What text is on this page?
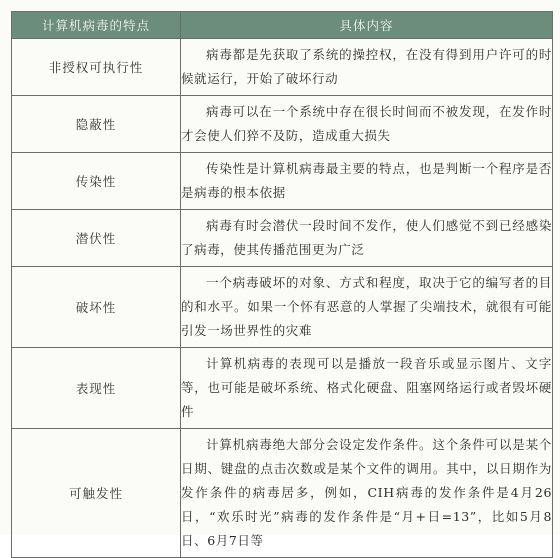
计算机病毒的特点	具体内容
非授权可执行性	病毒都是先获取了系统的操控权，在没有得到用户许可的时候就运行，开始了破坏行动
隐蔽性	病毒可以在一个系统中存在很长时间而不被发现，在发作时才会使人们猝不及防，造成重大损失
传染性	传染性是计算机病毒最主要的特点，也是判断一个程序是否是病毒的根本依据
潜伏性	病毒有时会潜伏一段时间不发作，使人们感觉不到已经感染了病毒，使其传播范围更为广泛
破坏性	一个病毒破坏的对象、方式和程度，取决于它的编写者的目的和水平。如果一个怀有恶意的人掌握了尖端技术，就很有可能引发一场世界性的灾难
表现性	计算机病毒的表现可以是播放一段音乐或显示图片、文字等，也可能是破坏系统、格式化硬盘、阻塞网络运行或者毁坏硬件
可触发性	计算机病毒绝大部分会设定发作条件。这个条件可以是某个日期、键盘的点击次数或是某个文件的调用。其中，以日期作为发作条件的病毒居多，例如，CIH病毒的发作条件是4月26日，“欢乐时光”病毒的发作条件是“月+日=13”，比如5月8日、6月7日等
